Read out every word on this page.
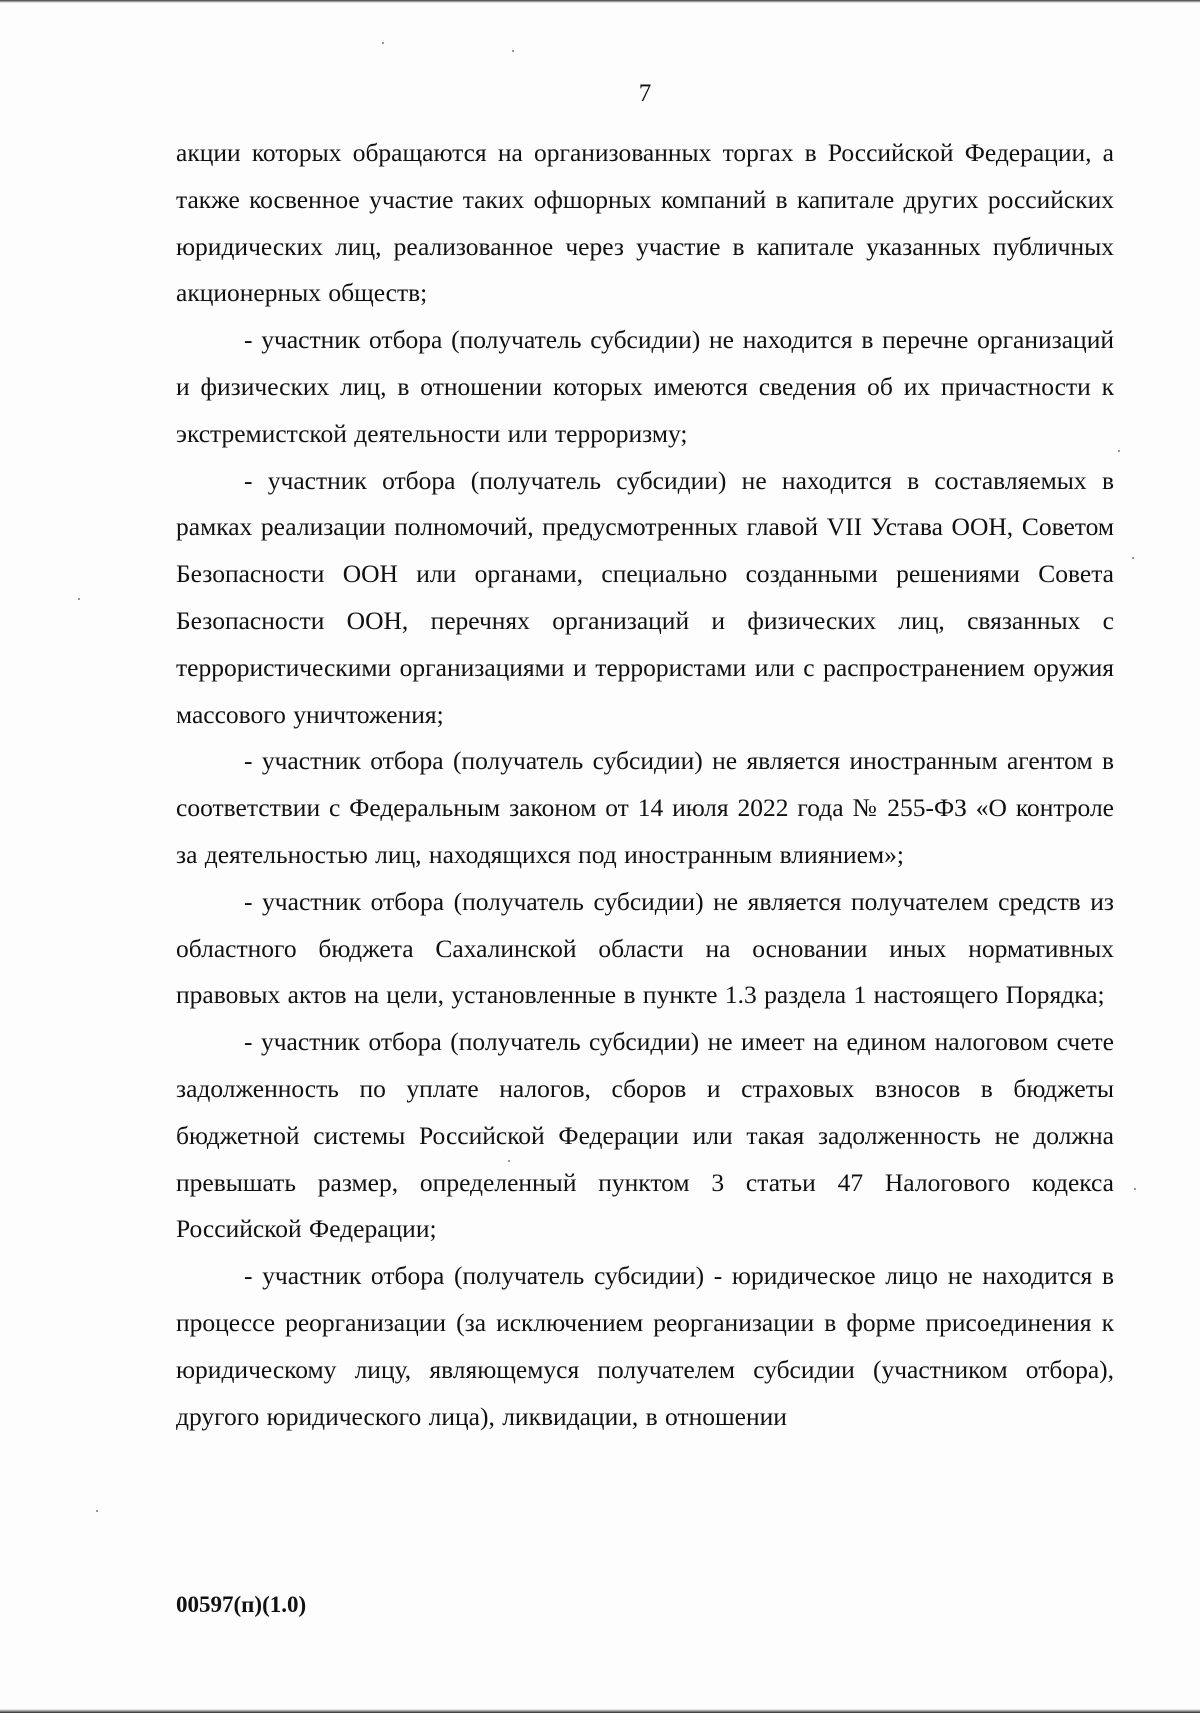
7

акции которых обращаются на организованных торгах в Российской Федерации, а также косвенное участие таких офшорных компаний в капитале других российских юридических лиц, реализованное через участие в капитале указанных публичных акционерных обществ;

- участник отбора (получатель субсидии) не находится в перечне организаций и физических лиц, в отношении которых имеются сведения об их причастности к экстремистской деятельности или терроризму;

- участник отбора (получатель субсидии) не находится в составляемых в рамках реализации полномочий, предусмотренных главой VII Устава ООН, Советом Безопасности ООН или органами, специально созданными решениями Совета Безопасности ООН, перечнях организаций и физических лиц, связанных с террористическими организациями и террористами или с распространением оружия массового уничтожения;

- участник отбора (получатель субсидии) не является иностранным агентом в соответствии с Федеральным законом от 14 июля 2022 года № 255-ФЗ «О контроле за деятельностью лиц, находящихся под иностранным влиянием»;

- участник отбора (получатель субсидии) не является получателем средств из областного бюджета Сахалинской области на основании иных нормативных правовых актов на цели, установленные в пункте 1.3 раздела 1 настоящего Порядка;

- участник отбора (получатель субсидии) не имеет на едином налоговом счете задолженность по уплате налогов, сборов и страховых взносов в бюджеты бюджетной системы Российской Федерации или такая задолженность не должна превышать размер, определенный пунктом 3 статьи 47 Налогового кодекса Российской Федерации;

- участник отбора (получатель субсидии) - юридическое лицо не находится в процессе реорганизации (за исключением реорганизации в форме присоединения к юридическому лицу, являющемуся получателем субсидии (участником отбора), другого юридического лица), ликвидации, в отношении

00597(п)(1.0)
